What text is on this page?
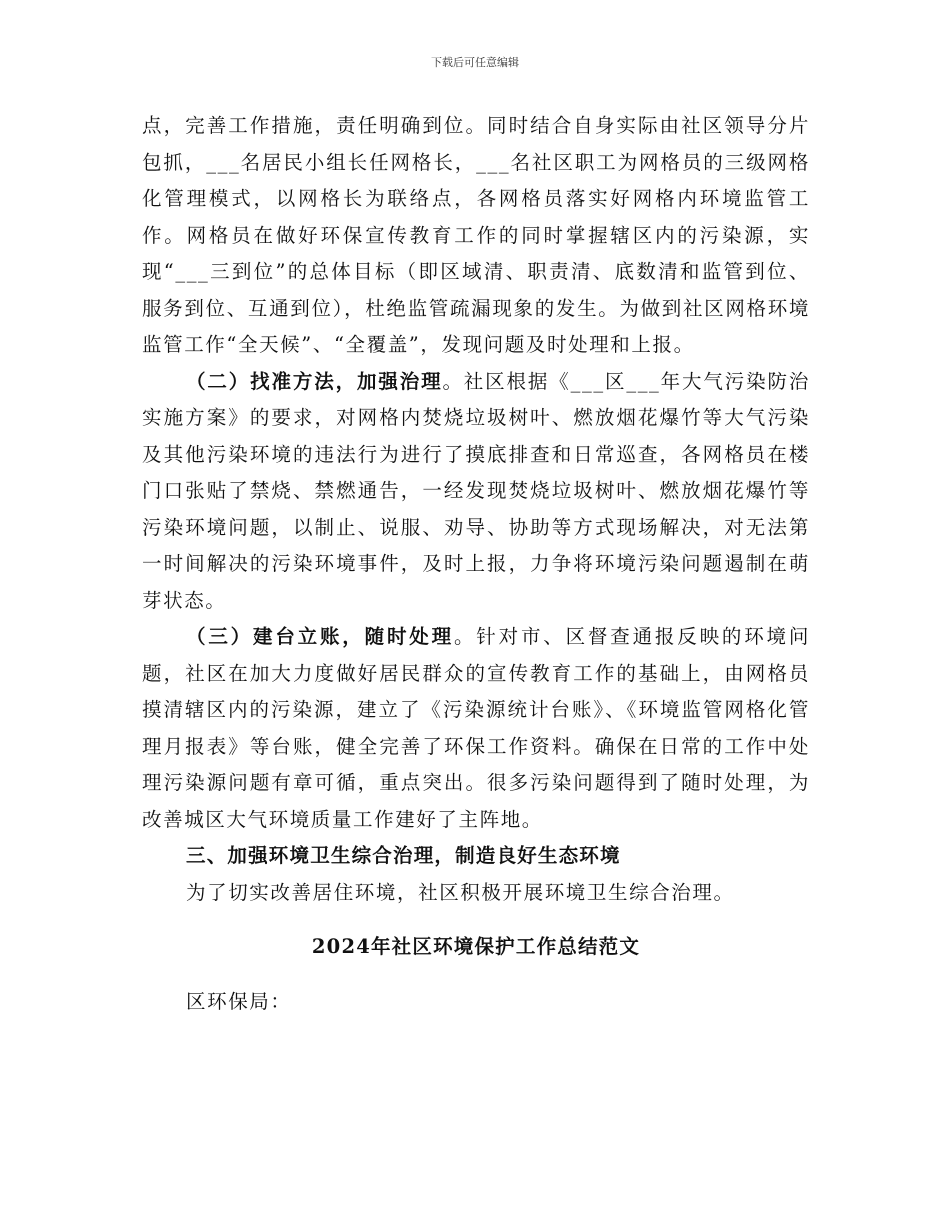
下载后可任意编辑

点，完善工作措施，责任明确到位。同时结合自身实际由社区领导分片包抓，___名居民小组长任网格长，___名社区职工为网格员的三级网格化管理模式，以网格长为联络点，各网格员落实好网格内环境监管工作。网格员在做好环保宣传教育工作的同时掌握辖区内的污染源，实现“___三到位”的总体目标（即区域清、职责清、底数清和监管到位、服务到位、互通到位），杜绝监管疏漏现象的发生。为做到社区网格环境监管工作“全天候”、“全覆盖”，发现问题及时处理和上报。

（二）找准方法，加强治理。社区根据《___区___年大气污染防治实施方案》的要求，对网格内焚烧垃圾树叶、燃放烟花爆竹等大气污染及其他污染环境的违法行为进行了摸底排查和日常巡查，各网格员在楼门口张贴了禁烧、禁燃通告，一经发现焚烧垃圾树叶、燃放烟花爆竹等污染环境问题，以制止、说服、劝导、协助等方式现场解决，对无法第一时间解决的污染环境事件，及时上报，力争将环境污染问题遏制在萌芽状态。

（三）建台立账，随时处理。针对市、区督查通报反映的环境问题，社区在加大力度做好居民群众的宣传教育工作的基础上，由网格员摸清辖区内的污染源，建立了《污染源统计台账》、《环境监管网格化管理月报表》等台账，健全完善了环保工作资料。确保在日常的工作中处理污染源问题有章可循，重点突出。很多污染问题得到了随时处理，为改善城区大气环境质量工作建好了主阵地。

三、加强环境卫生综合治理，制造良好生态环境

为了切实改善居住环境，社区积极开展环境卫生综合治理。

2024年社区环境保护工作总结范文

区环保局：
